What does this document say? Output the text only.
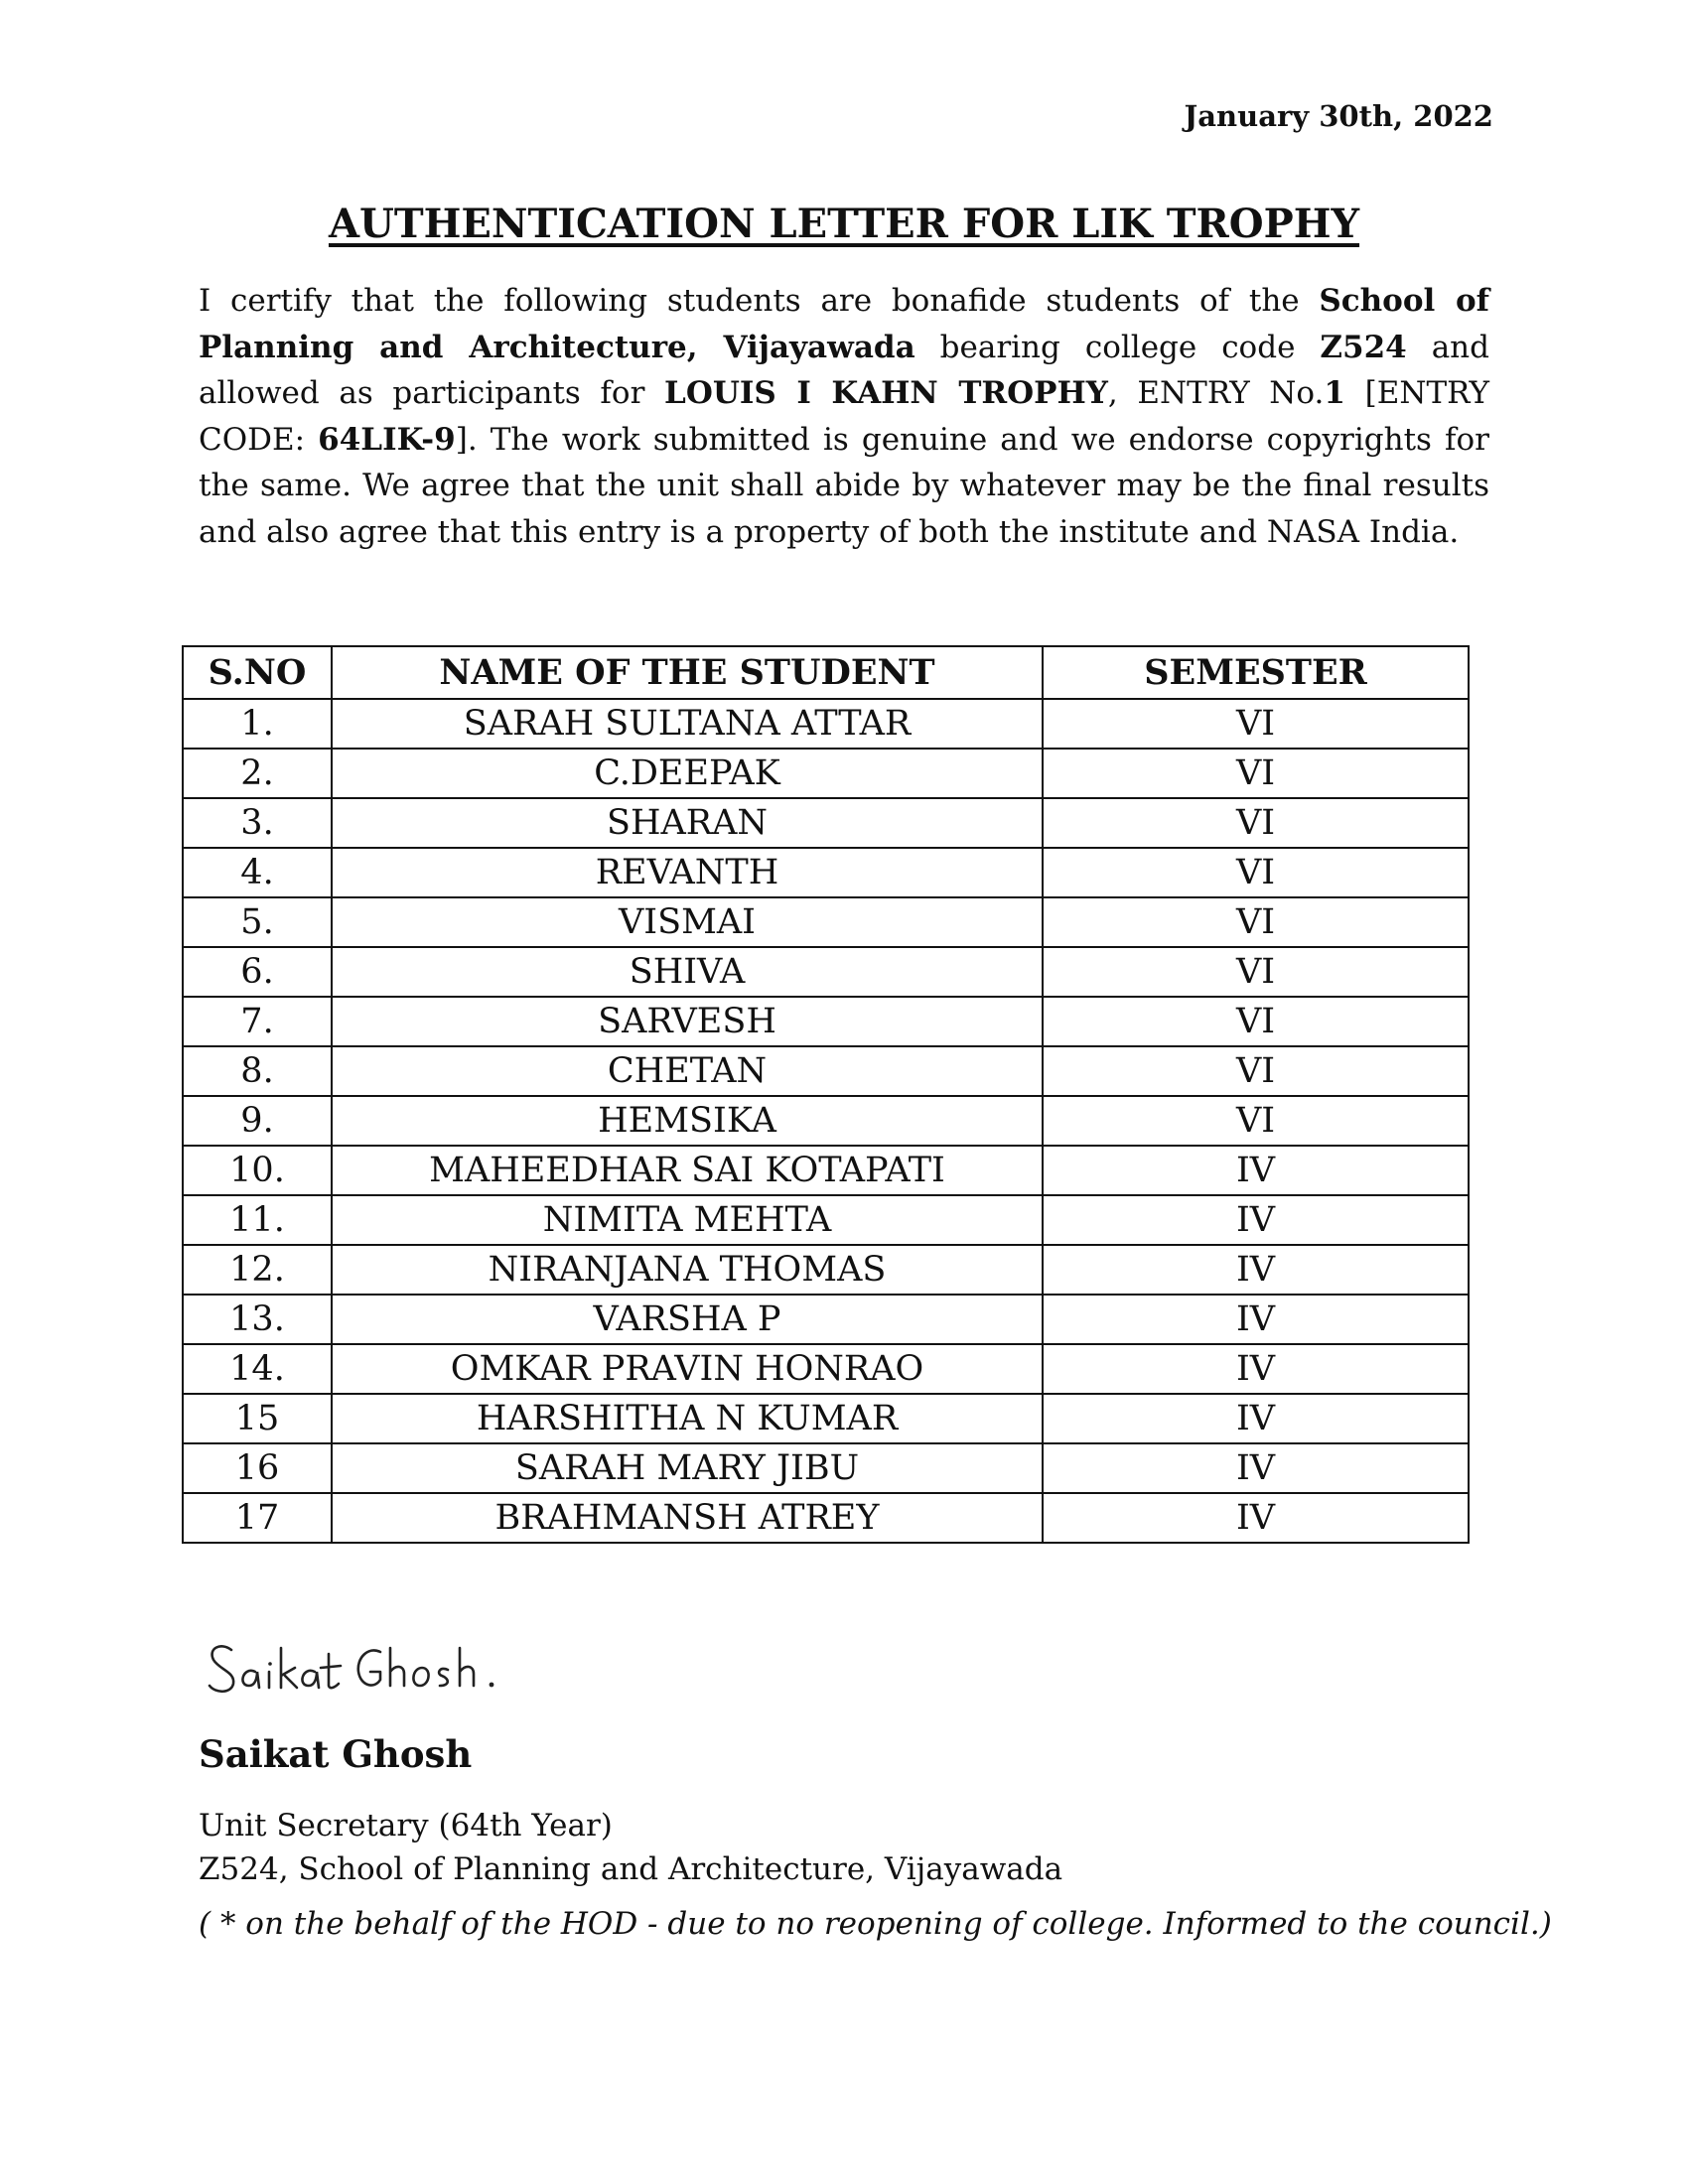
January 30th, 2022
AUTHENTICATION LETTER FOR LIK TROPHY
I certify that the following students are bonafide students of the School of Planning and Architecture, Vijayawada bearing college code Z524 and allowed as participants for LOUIS I KAHN TROPHY, ENTRY No.1 [ENTRY CODE: 64LIK-9]. The work submitted is genuine and we endorse copyrights for the same. We agree that the unit shall abide by whatever may be the final results and also agree that this entry is a property of both the institute and NASA India.
S.NO	NAME OF THE STUDENT	SEMESTER
1.	SARAH SULTANA ATTAR	VI
2.	C.DEEPAK	VI
3.	SHARAN	VI
4.	REVANTH	VI
5.	VISMAI	VI
6.	SHIVA	VI
7.	SARVESH	VI
8.	CHETAN	VI
9.	HEMSIKA	VI
10.	MAHEEDHAR SAI KOTAPATI	IV
11.	NIMITA MEHTA	IV
12.	NIRANJANA THOMAS	IV
13.	VARSHA P	IV
14.	OMKAR PRAVIN HONRAO	IV
15	HARSHITHA N KUMAR	IV
16	SARAH MARY JIBU	IV
17	BRAHMANSH ATREY	IV
Saikat Ghosh
Unit Secretary (64th Year)
Z524, School of Planning and Architecture, Vijayawada
( * on the behalf of the HOD - due to no reopening of college. Informed to the council.)
